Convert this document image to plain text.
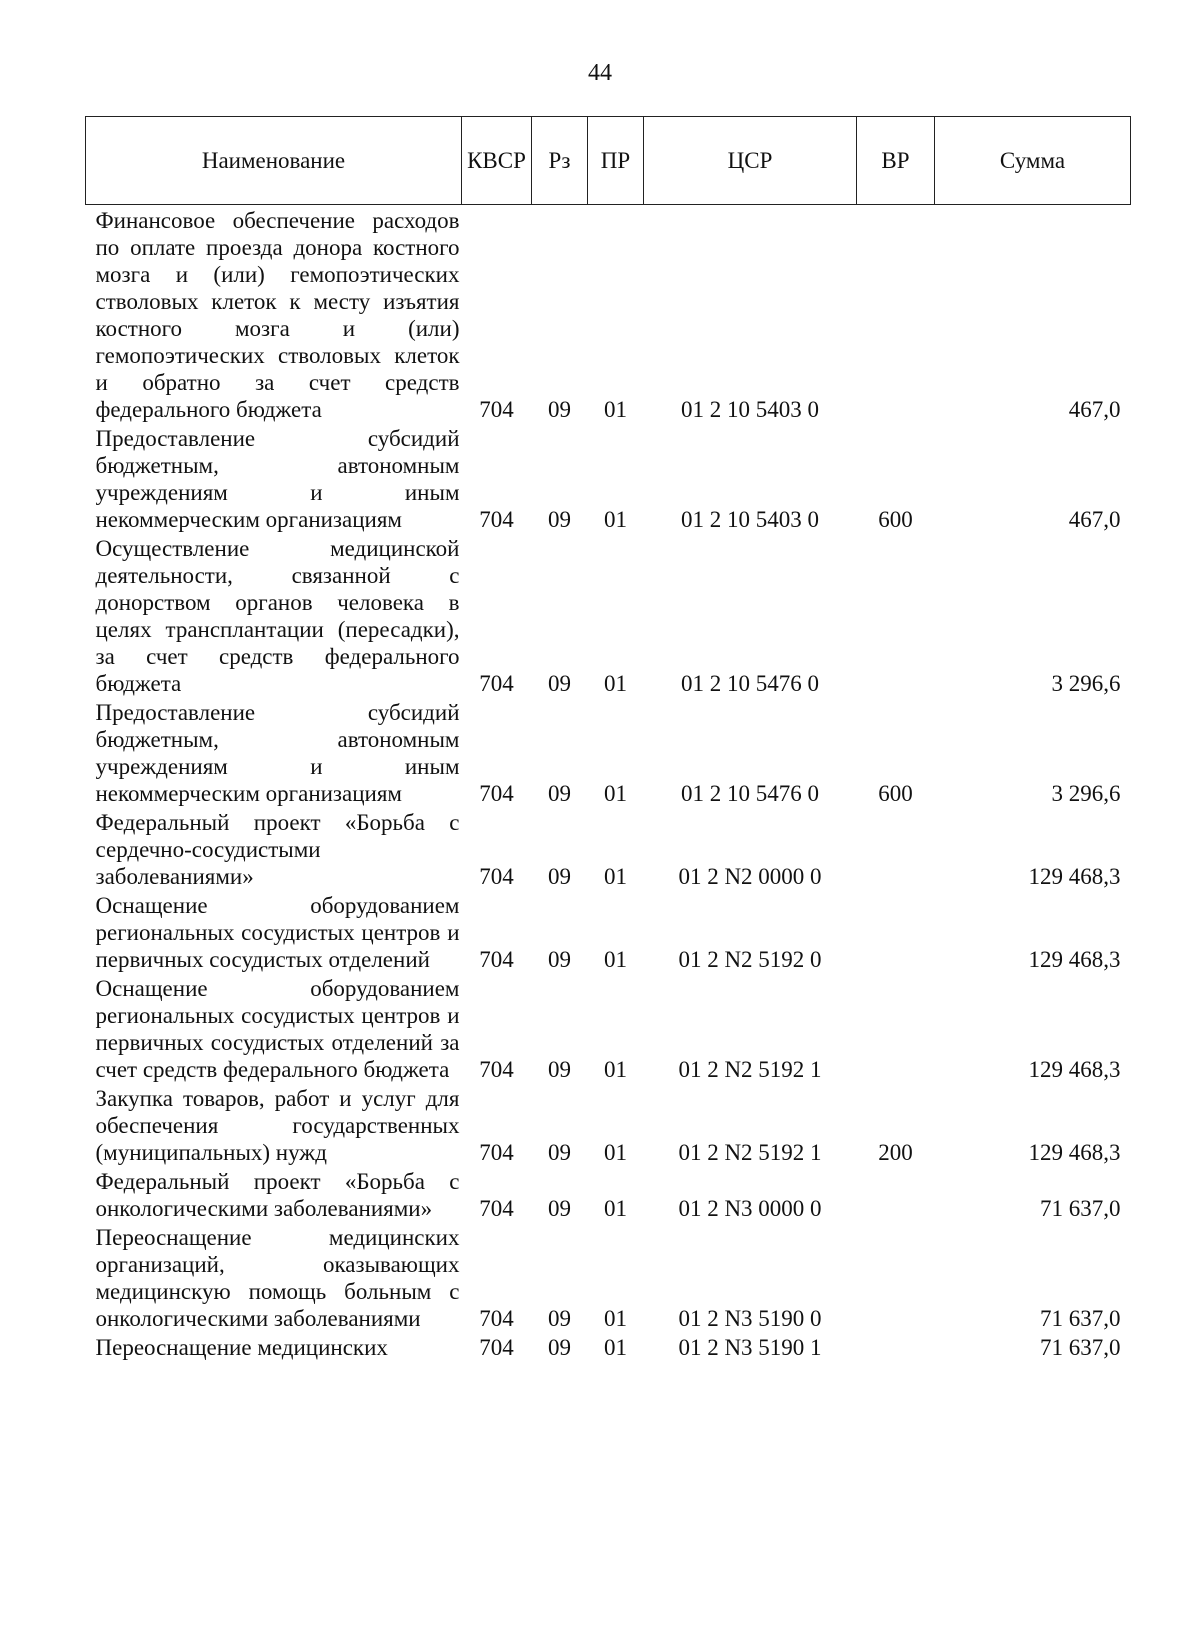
44
Наименование	КВСР	Рз	ПР	ЦСР	ВР	Сумма
Финансовое обеспечение расходов по оплате проезда донора костного мозга и (или) гемопоэтических стволовых клеток к месту изъятия костного мозга и (или) гемопоэтических стволовых клеток и обратно за счет средств федерального бюджета	704	09	01	01 2 10 5403 0		467,0
Предоставление субсидий бюджетным, автономным учреждениям и иным некоммерческим организациям	704	09	01	01 2 10 5403 0	600	467,0
Осуществление медицинской деятельности, связанной с донорством органов человека в целях трансплантации (пересадки), за счет средств федерального бюджета	704	09	01	01 2 10 5476 0		3 296,6
Предоставление субсидий бюджетным, автономным учреждениям и иным некоммерческим организациям	704	09	01	01 2 10 5476 0	600	3 296,6
Федеральный проект «Борьба с сердечно-сосудистыми заболеваниями»	704	09	01	01 2 N2 0000 0		129 468,3
Оснащение оборудованием региональных сосудистых центров и первичных сосудистых отделений	704	09	01	01 2 N2 5192 0		129 468,3
Оснащение оборудованием региональных сосудистых центров и первичных сосудистых отделений за счет средств федерального бюджета	704	09	01	01 2 N2 5192 1		129 468,3
Закупка товаров, работ и услуг для обеспечения государственных (муниципальных) нужд	704	09	01	01 2 N2 5192 1	200	129 468,3
Федеральный проект «Борьба с онкологическими заболеваниями»	704	09	01	01 2 N3 0000 0		71 637,0
Переоснащение медицинских организаций, оказывающих медицинскую помощь больным с онкологическими заболеваниями	704	09	01	01 2 N3 5190 0		71 637,0
Переоснащение медицинских	704	09	01	01 2 N3 5190 1		71 637,0
